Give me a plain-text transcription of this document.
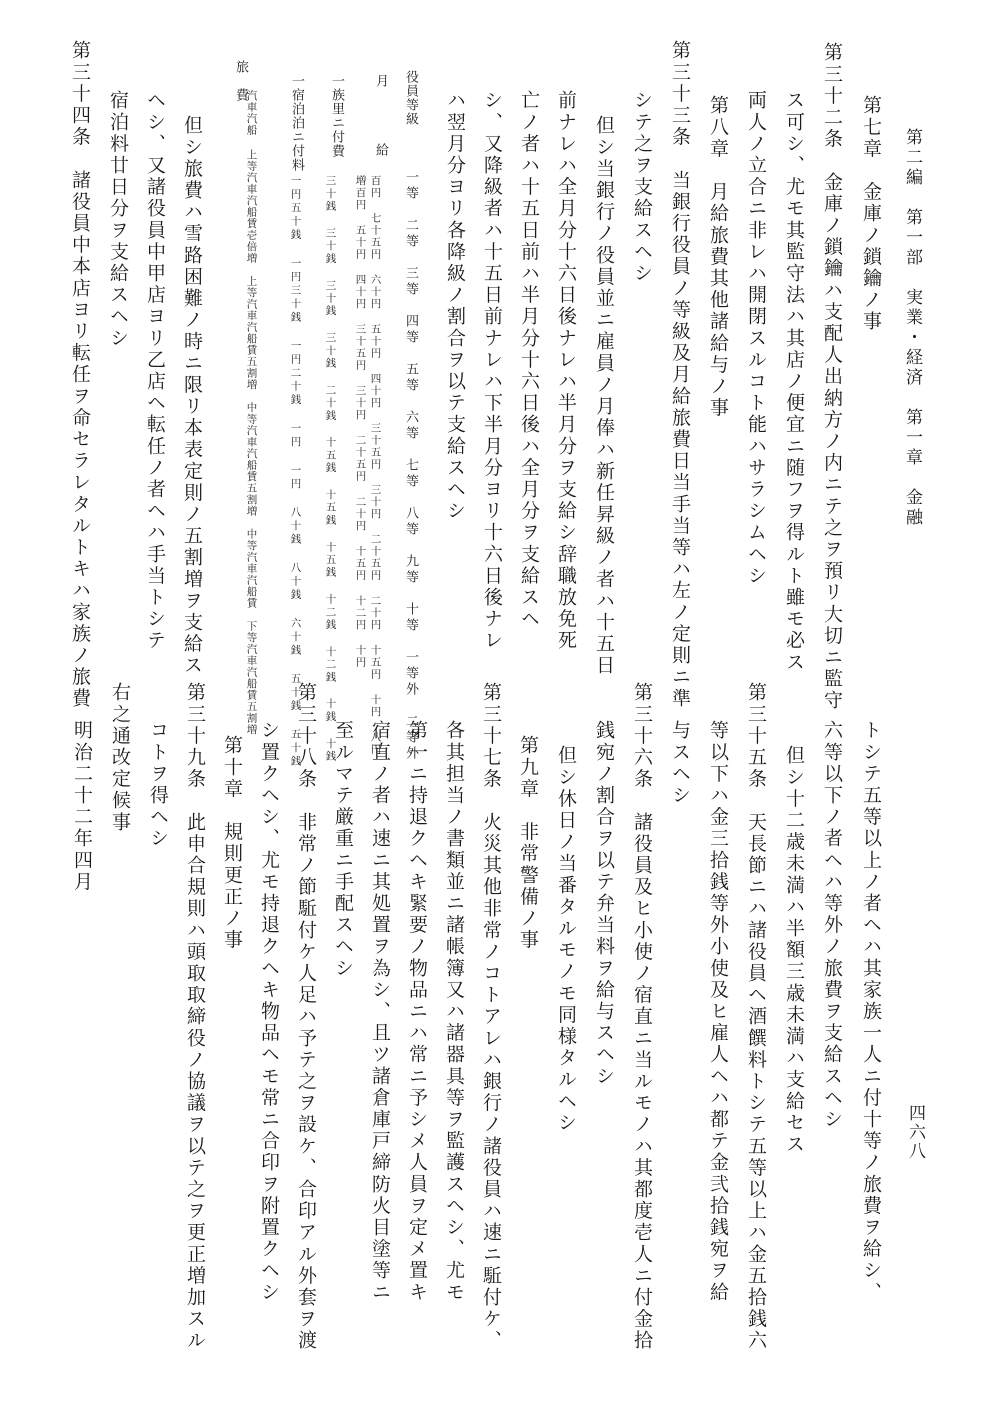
第二編　第一部　実業・経済　第一章　金融
四六八
第七章　金庫ノ鎖鑰ノ事
第三十二条　金庫ノ鎖鑰ハ支配人出納方ノ内ニテ之ヲ預リ大切ニ監守
ス可シ、尤モ其監守法ハ其店ノ便宜ニ随フヲ得ルト雖モ必ス
両人ノ立合ニ非レハ開閉スルコト能ハサラシムヘシ
第八章　月給旅費其他諸給与ノ事
第三十三条　当銀行役員ノ等級及月給旅費日当手当等ハ左ノ定則ニ準
シテ之ヲ支給スヘシ
但シ当銀行ノ役員並ニ雇員ノ月俸ハ新任昇級ノ者ハ十五日
前ナレハ全月分十六日後ナレハ半月分ヲ支給シ辞職放免死
亡ノ者ハ十五日前ハ半月分十六日後ハ全月分ヲ支給スヘ
シ、又降級者ハ十五日前ナレハ下半月分ヨリ十六日後ナレ
ハ翌月分ヨリ各降級ノ割合ヲ以テ支給スヘシ
役員等級
一等　二等　三等　四等　五等　六等　七等　八等　九等　十等　一等外　二等外
月　　給
百円 七十五円 六十円 五十円 四十円 三十五円 三十円 二十五円 二十円 十五円 十円 八円
増百円 五十円 四十円 三十五円 三十円 二十五円 二十円 十五円 十二円 十円
一族里ニ付費
三十銭 三十銭 三十銭 三十銭 二十銭 十五銭 十五銭 十五銭 十二銭 十二銭 十銭 十銭
一宿泊泊ニ付料
一円五十銭 一円三十銭 一円二十銭 一円 一円 八十銭 八十銭 六十銭 五十銭 五十銭
旅　費
汽車汽船 上等汽車汽船賃壱倍増　上等汽車汽船賃五割増　中等汽車汽船賃五割増　中等汽車汽船賃　下等汽車汽船賃五割増
但シ旅費ハ雪路困難ノ時ニ限リ本表定則ノ五割増ヲ支給ス
ヘシ、又諸役員中甲店ヨリ乙店ヘ転任ノ者ヘハ手当トシテ
宿泊料廿日分ヲ支給スヘシ
第三十四条　諸役員中本店ヨリ転任ヲ命セラレタルトキハ家族ノ旅費
トシテ五等以上ノ者ヘハ其家族一人ニ付十等ノ旅費ヲ給シ、
六等以下ノ者ヘハ等外ノ旅費ヲ支給スヘシ
但シ十二歳未満ハ半額三歳未満ハ支給セス
第三十五条　天長節ニハ諸役員ヘ酒饌料トシテ五等以上ハ金五拾銭六
等以下ハ金三拾銭等外小使及ヒ雇人ヘハ都テ金弐拾銭宛ヲ給
与スヘシ
第三十六条　諸役員及ヒ小使ノ宿直ニ当ルモノハ其都度壱人ニ付金拾
銭宛ノ割合ヲ以テ弁当料ヲ給与スヘシ
但シ休日ノ当番タルモノモ同様タルヘシ
第九章　非常警備ノ事
第三十七条　火災其他非常ノコトアレハ銀行ノ諸役員ハ速ニ駈付ケ、
各其担当ノ書類並ニ諸帳簿又ハ諸器具等ヲ監護スヘシ、尤モ
第一ニ持退クヘキ緊要ノ物品ニハ常ニ予シメ人員ヲ定メ置キ
宿直ノ者ハ速ニ其処置ヲ為シ、且ツ諸倉庫戸締防火目塗等ニ
至ルマテ厳重ニ手配スヘシ
第三十八条　非常ノ節駈付ケ人足ハ予テ之ヲ設ケ、合印アル外套ヲ渡
シ置クヘシ、尤モ持退クヘキ物品ヘモ常ニ合印ヲ附置クヘシ
第十章　規則更正ノ事
第三十九条　此申合規則ハ頭取取締役ノ協議ヲ以テ之ヲ更正増加スル
コトヲ得ヘシ
右之通改定候事
明治二十二年四月
